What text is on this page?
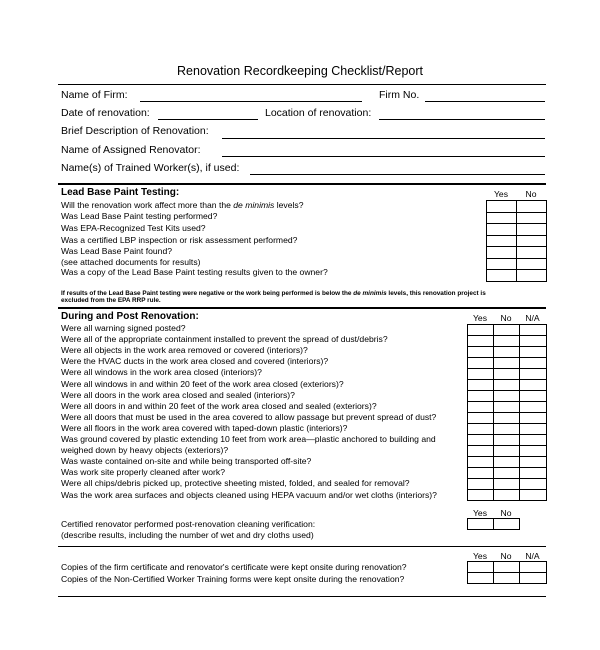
Renovation Recordkeeping Checklist/Report
Name of Firm:	Firm No.
Date of renovation:	Location of renovation:
Brief Description of Renovation:
Name of Assigned Renovator:
Name(s) of Trained Worker(s), if used:
Lead Base Paint Testing:	Yes	No
Will the renovation work affect more than the de minimis levels?
Was Lead Base Paint testing performed?
Was EPA-Recognized Test Kits used?
Was a certified LBP inspection or risk assessment performed?
Was Lead Base Paint found?
(see attached documents for results)
Was a copy of the Lead Base Paint testing results given to the owner?

If results of the Lead Base Paint testing were negative or the work being performed is below the de minimis levels, this renovation project is
excluded from the EPA RRP rule.
During and Post Renovation:	Yes	No	N/A
Were all warning signed posted?
Were all of the appropriate containment installed to prevent the spread of dust/debris?
Were all objects in the work area removed or covered (interiors)?
Were the HVAC ducts in the work area closed and covered (interiors)?
Were all windows in the work area closed (interiors)?
Were all windows in and within 20 feet of the work area closed (exteriors)?
Were all doors in the work area closed and sealed (interiors)?
Were all doors in and within 20 feet of the work area closed and sealed (exteriors)?
Were all doors that must be used in the area covered to allow passage but prevent spread of dust?
Were all floors in the work area covered with taped-down plastic (interiors)?
Was ground covered by plastic extending 10 feet from work area—plastic anchored to building and
weighed down by heavy objects (exteriors)?
Was waste contained on-site and while being transported off-site?
Was work site properly cleaned after work?
Were all chips/debris picked up, protective sheeting misted, folded, and sealed for removal?
Was the work area surfaces and objects cleaned using HEPA vacuum and/or wet cloths (interiors)?

Yes	No

Certified renovator performed post-renovation cleaning verification:
(describe results, including the number of wet and dry cloths used)
Yes	No	N/A

Copies of the firm certificate and renovator's certificate were kept onsite during renovation?
Copies of the Non-Certified Worker Training forms were kept onsite during the renovation?
